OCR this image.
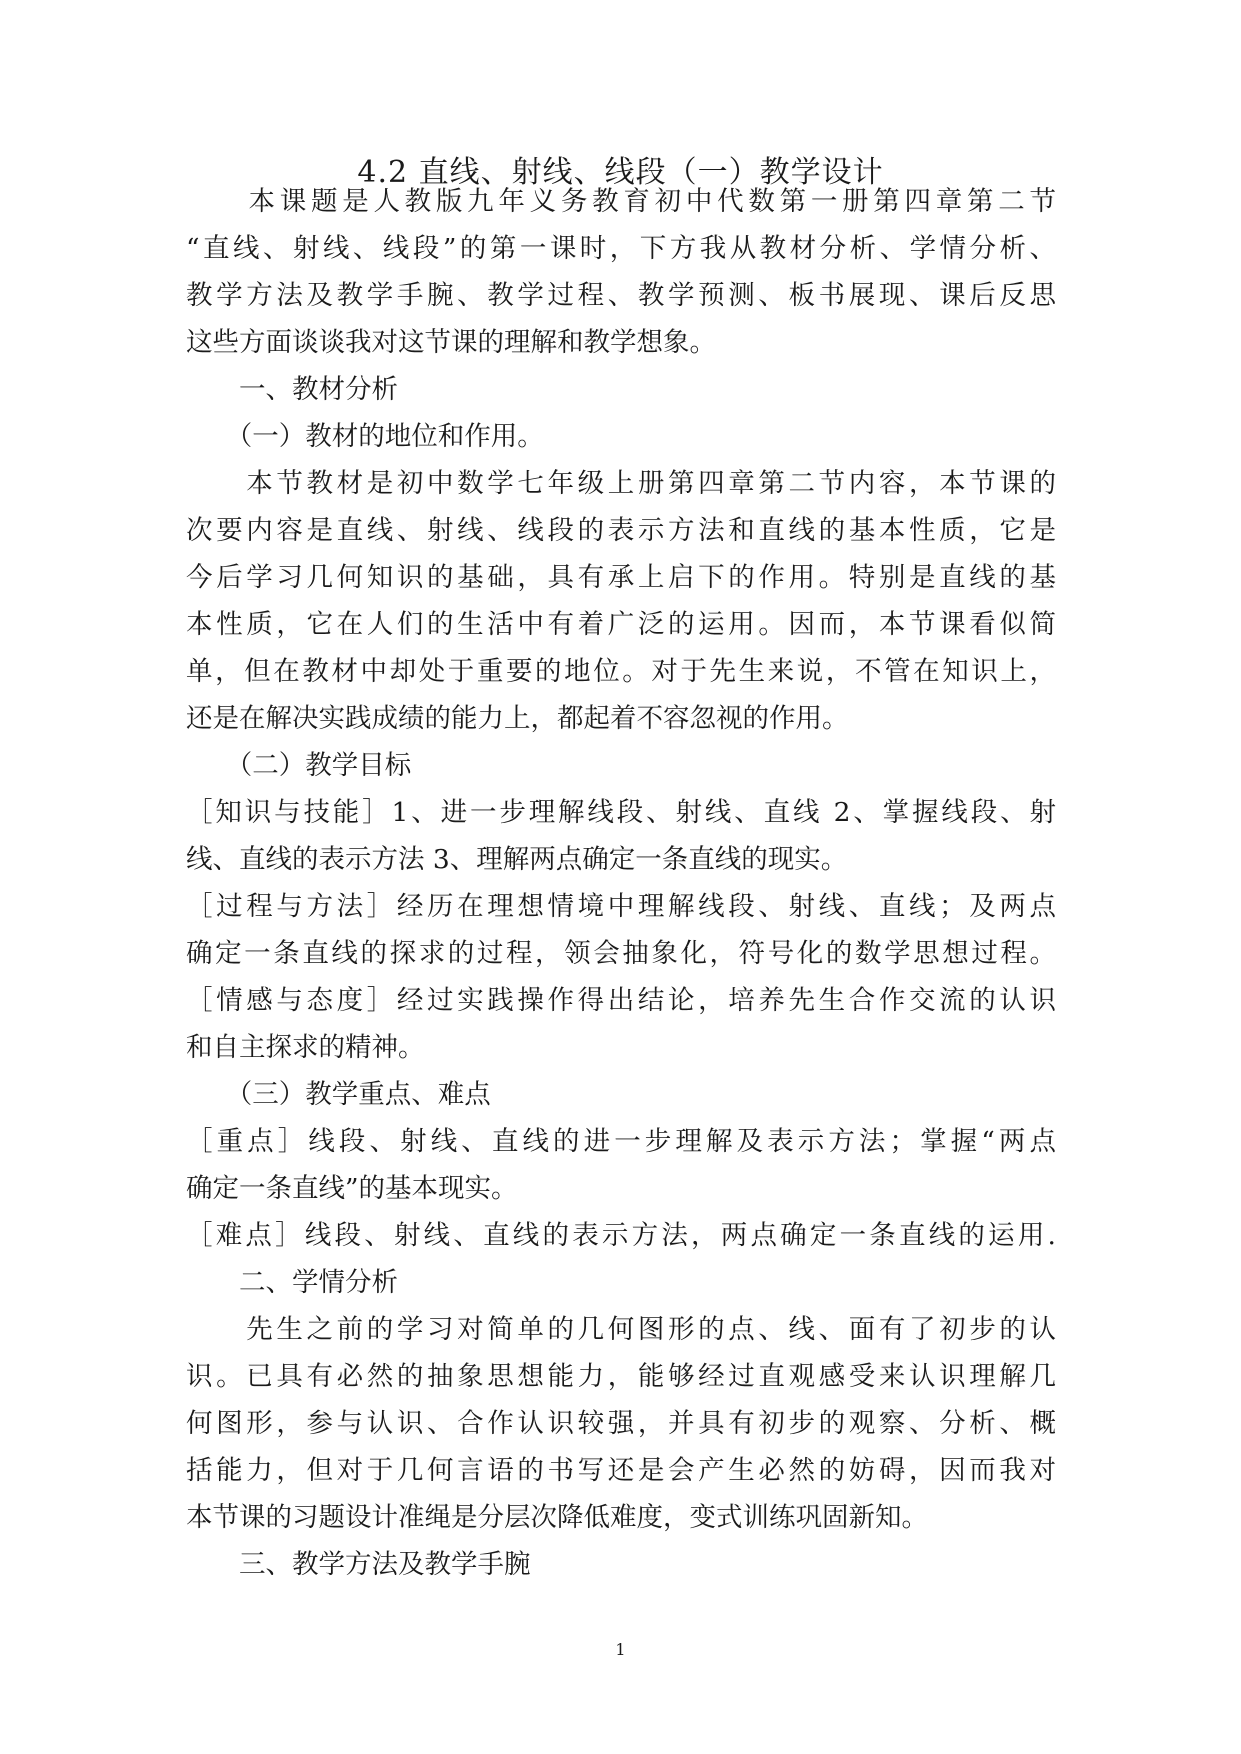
4.2 直线、射线、线段（一）教学设计
　　本课题是人教版九年义务教育初中代数第一册第四章第二节
“直线、射线、线段”的第一课时，下方我从教材分析、学情分析、
教学方法及教学手腕、教学过程、教学预测、板书展现、课后反思
这些方面谈谈我对这节课的理解和教学想象。
　　一、教材分析
　　（一）教材的地位和作用。
　　本节教材是初中数学七年级上册第四章第二节内容，本节课的
次要内容是直线、射线、线段的表示方法和直线的基本性质，它是
今后学习几何知识的基础，具有承上启下的作用。特别是直线的基
本性质，它在人们的生活中有着广泛的运用。因而，本节课看似简
单，但在教材中却处于重要的地位。对于先生来说，不管在知识上，
还是在解决实践成绩的能力上，都起着不容忽视的作用。
　　（二）教学目标
［知识与技能］1、进一步理解线段、射线、直线 2、掌握线段、射
线、直线的表示方法 3、理解两点确定一条直线的现实。
［过程与方法］经历在理想情境中理解线段、射线、直线；及两点
确定一条直线的探求的过程，领会抽象化，符号化的数学思想过程。
［情感与态度］经过实践操作得出结论，培养先生合作交流的认识
和自主探求的精神。
　　（三）教学重点、难点
［重点］线段、射线、直线的进一步理解及表示方法；掌握“两点
确定一条直线”的基本现实。
［难点］线段、射线、直线的表示方法，两点确定一条直线的运用.
　　二、学情分析
　　先生之前的学习对简单的几何图形的点、线、面有了初步的认
识。已具有必然的抽象思想能力，能够经过直观感受来认识理解几
何图形，参与认识、合作认识较强，并具有初步的观察、分析、概
括能力，但对于几何言语的书写还是会产生必然的妨碍，因而我对
本节课的习题设计准绳是分层次降低难度，变式训练巩固新知。
　　三、教学方法及教学手腕
1
